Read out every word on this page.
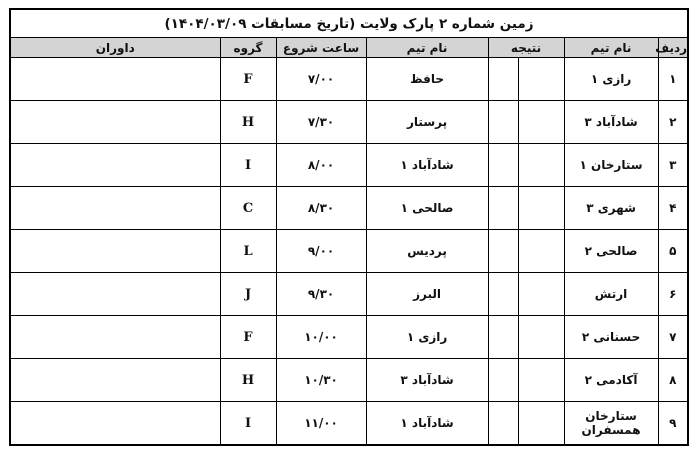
زمین شماره ۲ پارک ولایت (تاریخ مسابقات ۱۴۰۴/۰۳/۰۹)							
ردیف	نام تیم	نتیجه		نام تیم	ساعت شروع	گروه	داوران
۱	رازی ۱			حافظ	۷/۰۰	F	
۲	شادآباد ۳			پرستار	۷/۳۰	H	
۳	ستارخان ۱			شادآباد ۱	۸/۰۰	I	
۴	شهری ۳			صالحی ۱	۸/۳۰	C	
۵	صالحی ۲			پردیس	۹/۰۰	L	
۶	ارتش			البرز	۹/۳۰	J	
۷	حسنانی ۲			رازی ۱	۱۰/۰۰	F	
۸	آکادمی ۲			شادآباد ۳	۱۰/۳۰	H	
۹	ستارخان همسفران			شادآباد ۱	۱۱/۰۰	I	
